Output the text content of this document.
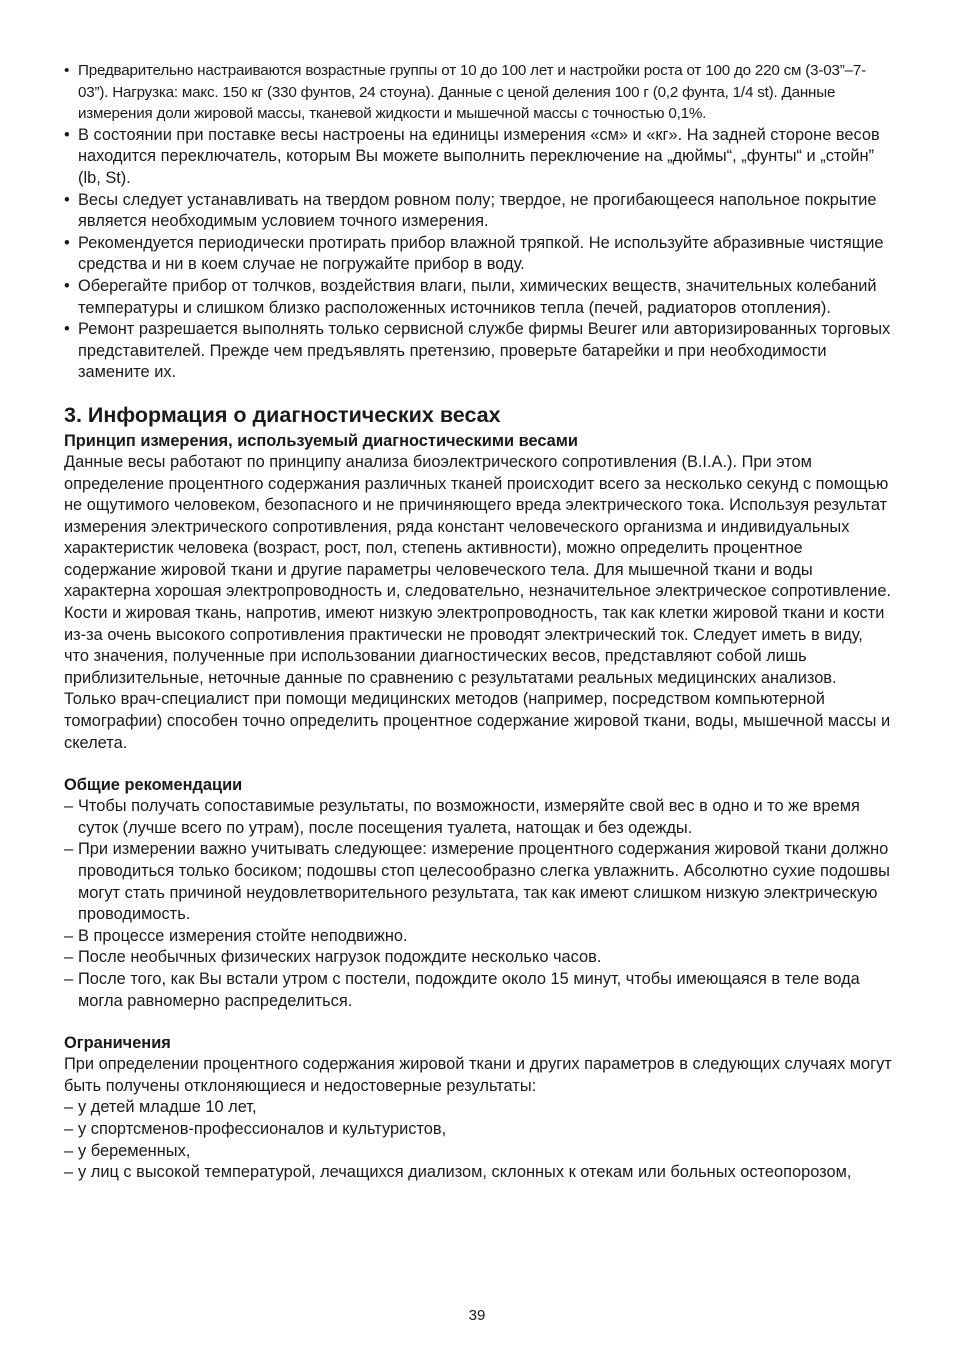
• Предварительно настраиваются возрастные группы от 10 до 100 лет и настройки роста от 100 до 220 см (3-03”–7-03”). Нагрузка: макс. 150 кг (330 фунтов, 24 стоуна). Данные с ценой деления 100 г (0,2 фунта, 1/4 st). Данные измерения доли жировой массы, тканевой жидкости и мышечной массы с точностью 0,1%.
• В состоянии при поставке весы настроены на единицы измерения «см» и «кг». На задней стороне весов находится переключатель, которым Вы можете выполнить переключение на „дюймы“, „фунты“ и „стойн” (lb, St).
• Весы следует устанавливать на твердом ровном полу; твердое, не прогибающееся напольное покрытие является необходимым условием точного измерения.
• Рекомендуется периодически протирать прибор влажной тряпкой. Не используйте абразивные чистящие средства и ни в коем случае не погружайте прибор в воду.
• Оберегайте прибор от толчков, воздействия влаги, пыли, химических веществ, значительных колебаний температуры и слишком близко расположенных источников тепла (печей, радиаторов отопления).
• Ремонт разрешается выполнять только сервисной службе фирмы Beurer или авторизированных торговых представителей. Прежде чем предъявлять претензию, проверьте батарейки и при необходимости замените их.
3. Информация о диагностических весах
Принцип измерения, используемый диагностическими весами

Данные весы работают по принципу анализа биоэлектрического сопротивления (B.I.A.). При этом определение процентного содержания различных тканей происходит всего за несколько секунд с помощью не ощутимого человеком, безопасного и не причиняющего вреда электрического тока. Используя результат измерения электрического сопротивления, ряда констант человеческого организма и индивидуальных характеристик человека (возраст, рост, пол, степень активности), можно определить процентное содержание жировой ткани и другие параметры человеческого тела. Для мышечной ткани и воды характерна хорошая электропроводность и, следовательно, незначительное электрическое сопротивление.

Кости и жировая ткань, напротив, имеют низкую электропроводность, так как клетки жировой ткани и кости из-за очень высокого сопротивления практически не проводят электрический ток. Следует иметь в виду, что значения, полученные при использовании диагностических весов, представляют собой лишь приблизительные, неточные данные по сравнению с результатами реальных медицинских анализов. Только врач-специалист при помощи медицинских методов (например, посредством компьютерной томографии) способен точно определить процентное содержание жировой ткани, воды, мышечной массы и скелета.

Общие рекомендации
– Чтобы получать сопоставимые результаты, по возможности, измеряйте свой вес в одно и то же время суток (лучше всего по утрам), после посещения туалета, натощак и без одежды.
– При измерении важно учитывать следующее: измерение процентного содержания жировой ткани должно проводиться только босиком; подошвы стоп целесообразно слегка увлажнить. Абсолютно сухие подошвы могут стать причиной неудовлетворительного результата, так как имеют слишком низкую электрическую проводимость.
– В процессе измерения стойте неподвижно.
– После необычных физических нагрузок подождите несколько часов.
– После того, как Вы встали утром с постели, подождите около 15 минут, чтобы имеющаяся в теле вода могла равномерно распределиться.
Ограничения

При определении процентного содержания жировой ткани и других параметров в следующих случаях могут быть получены отклоняющиеся и недостоверные результаты:

– у детей младше 10 лет,
– у спортсменов-профессионалов и культуристов,
– у беременных,
– у лиц с высокой температурой, лечащихся диализом, склонных к отекам или больных остеопорозом,
39
